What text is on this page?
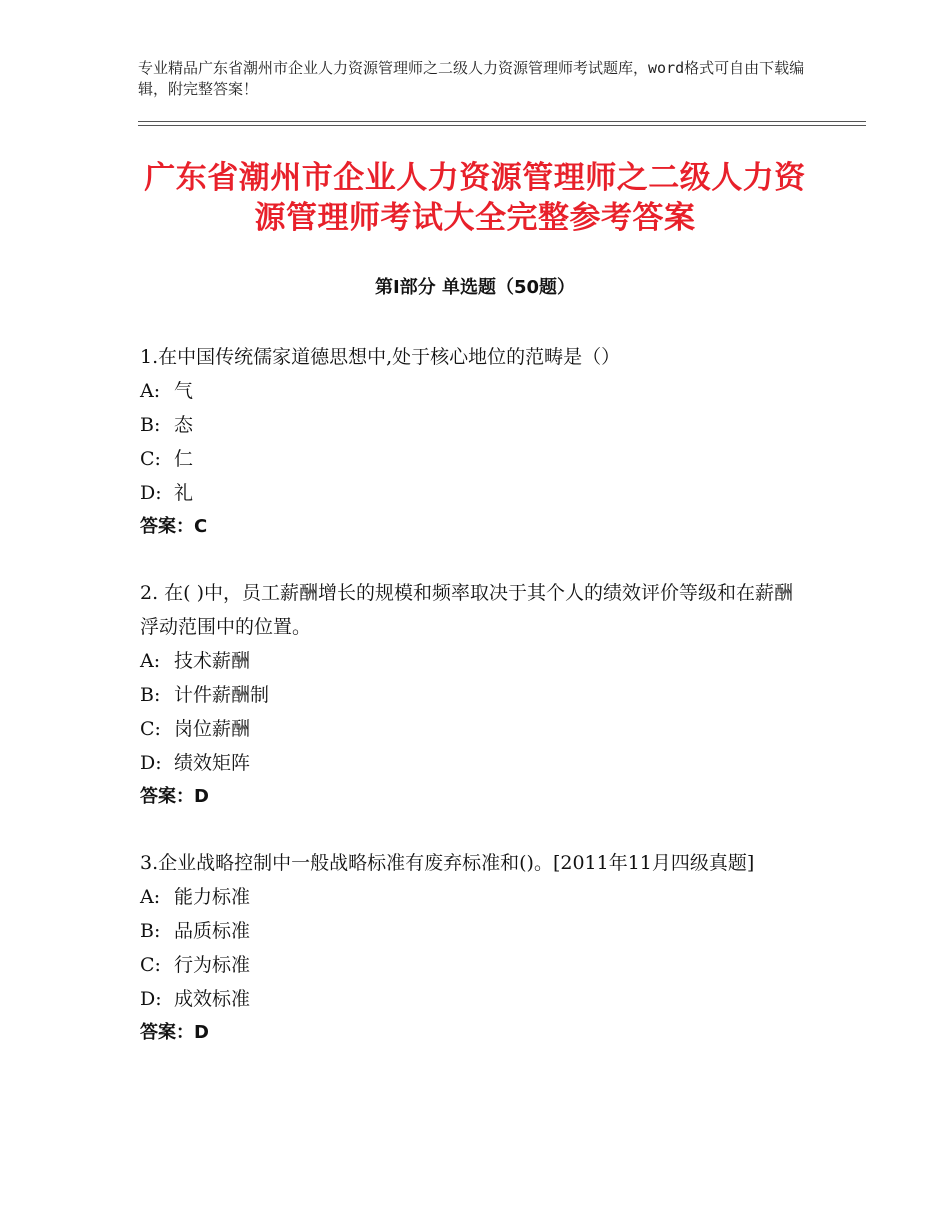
专业精品广东省潮州市企业人力资源管理师之二级人力资源管理师考试题库，word格式可自由下载编辑，附完整答案！
广东省潮州市企业人力资源管理师之二级人力资源管理师考试大全完整参考答案
第Ⅰ部分 单选题（50题）

1.在中国传统儒家道德思想中,处于核心地位的范畴是（）

A: 气

B: 态

C: 仁

D: 礼

答案：C

2. 在( )中，员工薪酬增长的规模和频率取决于其个人的绩效评价等级和在薪酬浮动范围中的位置。

A: 技术薪酬

B: 计件薪酬制

C: 岗位薪酬

D: 绩效矩阵

答案：D

3.企业战略控制中一般战略标准有废弃标准和()。[2011年11月四级真题]

A: 能力标准

B: 品质标准

C: 行为标准

D: 成效标准

答案：D
